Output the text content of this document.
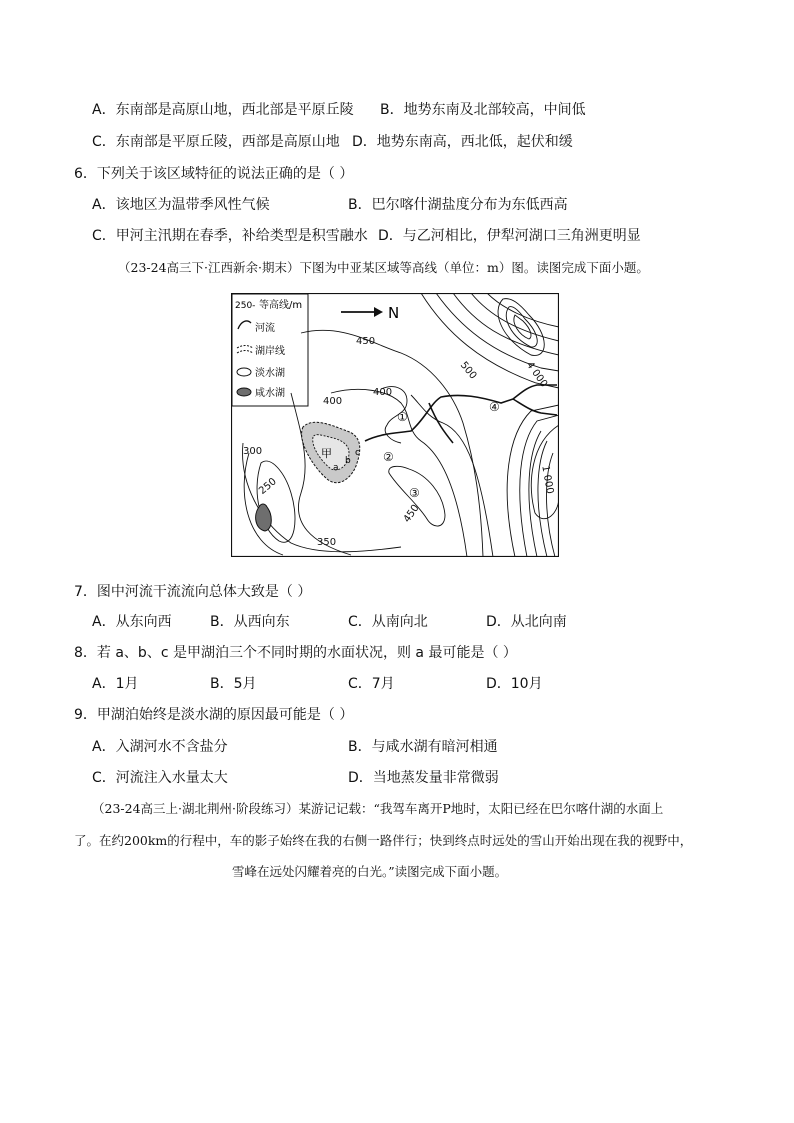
A．东南部是高原山地，西北部是平原丘陵 B．地势东南及北部较高，中间低
C．东南部是平原丘陵，西部是高原山地 D．地势东南高，西北低，起伏和缓
6．下列关于该区域特征的说法正确的是（ ）
A．该地区为温带季风性气候	B．巴尔喀什湖盐度分布为东低西高
C．甲河主汛期在春季，补给类型是积雪融水 D．与乙河相比，伊犁河湖口三角洲更明显
（23-24高三下·江西新余·期末）下图为中亚某区域等高线（单位：m）图。读图完成下面小题。
250- 等高线/m
河流
湖岸线
淡水湖
咸水湖
N
甲
a
b
c
450
400
400
500	4 000
1 000
300
250
350
450
①
②
③
④
7．图中河流干流流向总体大致是（ ）
A．从东向西	B．从西向东	C．从南向北	D．从北向南
8．若 a、b、c 是甲湖泊三个不同时期的水面状况，则 a 最可能是（ ）
A．1月	B．5月	C．7月	D．10月
9．甲湖泊始终是淡水湖的原因最可能是（ ）
A．入湖河水不含盐分	B．与咸水湖有暗河相通
C．河流注入水量太大	D．当地蒸发量非常微弱
（23-24高三上·湖北荆州·阶段练习）某游记记载：“我驾车离开P地时，太阳已经在巴尔喀什湖的水面上
了。在约200km的行程中，车的影子始终在我的右侧一路伴行；快到终点时远处的雪山开始出现在我的视野中，
雪峰在远处闪耀着亮的白光。”读图完成下面小题。
